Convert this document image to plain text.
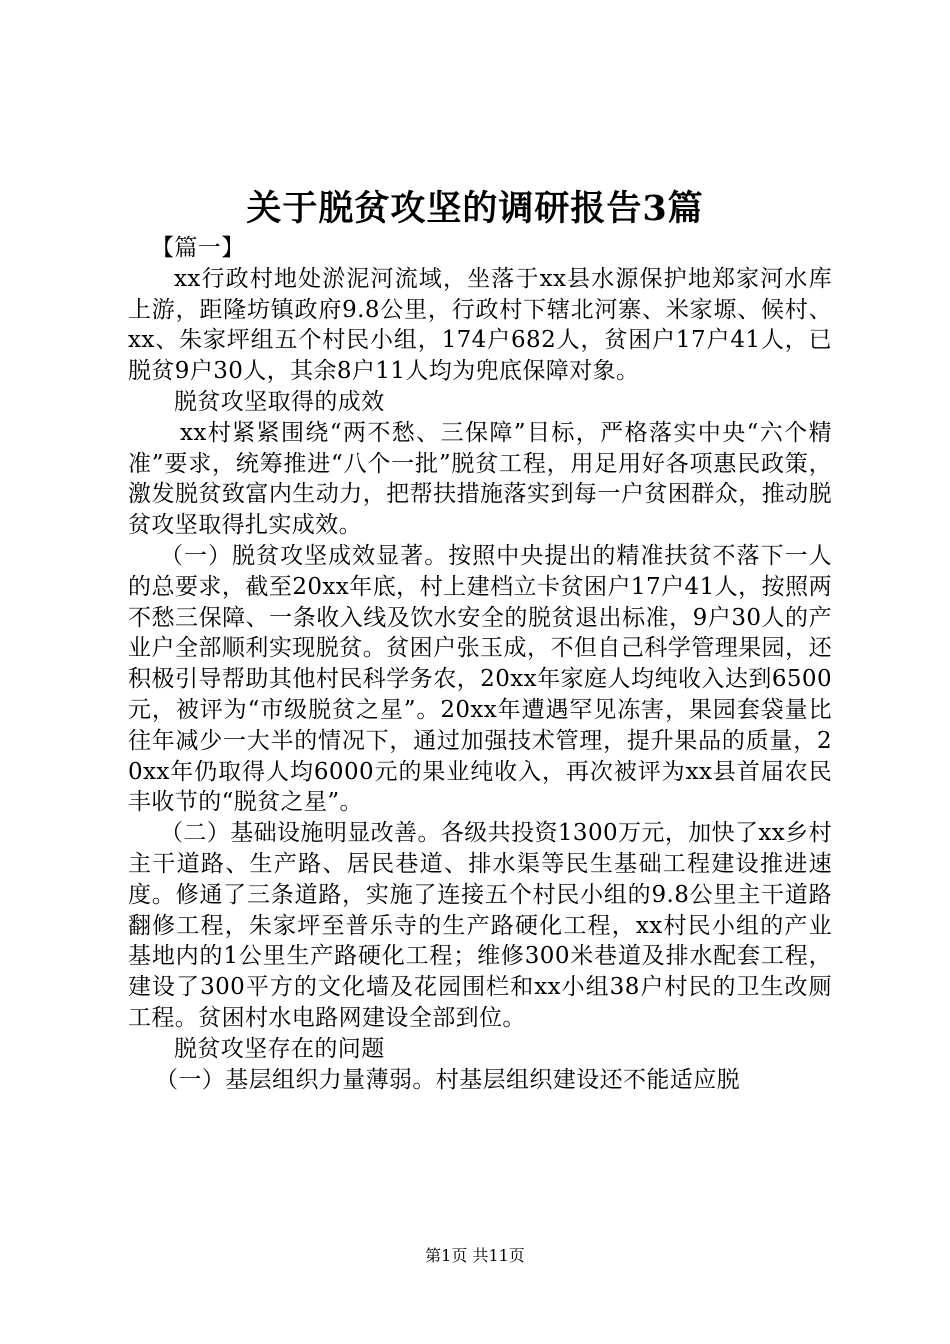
关于脱贫攻坚的调研报告3篇

【篇一】

xx行政村地处淤泥河流域，坐落于xx县水源保护地郑家河水库上游，距隆坊镇政府9.8公里，行政村下辖北河寨、米家塬、候村、xx、朱家坪组五个村民小组，174户682人，贫困户17户41人，已脱贫9户30人，其余8户11人均为兜底保障对象。

脱贫攻坚取得的成效

xx村紧紧围绕“两不愁、三保障”目标，严格落实中央“六个精准”要求，统筹推进“八个一批”脱贫工程，用足用好各项惠民政策，激发脱贫致富内生动力，把帮扶措施落实到每一户贫困群众，推动脱贫攻坚取得扎实成效。

（一）脱贫攻坚成效显著。按照中央提出的精准扶贫不落下一人的总要求，截至20xx年底，村上建档立卡贫困户17户41人，按照两不愁三保障、一条收入线及饮水安全的脱贫退出标准，9户30人的产业户全部顺利实现脱贫。贫困户张玉成，不但自己科学管理果园，还积极引导帮助其他村民科学务农，20xx年家庭人均纯收入达到6500元，被评为“市级脱贫之星”。20xx年遭遇罕见冻害，果园套袋量比往年减少一大半的情况下，通过加强技术管理，提升果品的质量，20xx年仍取得人均6000元的果业纯收入，再次被评为xx县首届农民丰收节的“脱贫之星”。

（二）基础设施明显改善。各级共投资1300万元，加快了xx乡村主干道路、生产路、居民巷道、排水渠等民生基础工程建设推进速度。修通了三条道路，实施了连接五个村民小组的9.8公里主干道路翻修工程，朱家坪至普乐寺的生产路硬化工程，xx村民小组的产业基地内的1公里生产路硬化工程；维修300米巷道及排水配套工程，建设了300平方的文化墙及花园围栏和xx小组38户村民的卫生改厕工程。贫困村水电路网建设全部到位。

脱贫攻坚存在的问题

（一）基层组织力量薄弱。村基层组织建设还不能适应脱

第1页 共11页
